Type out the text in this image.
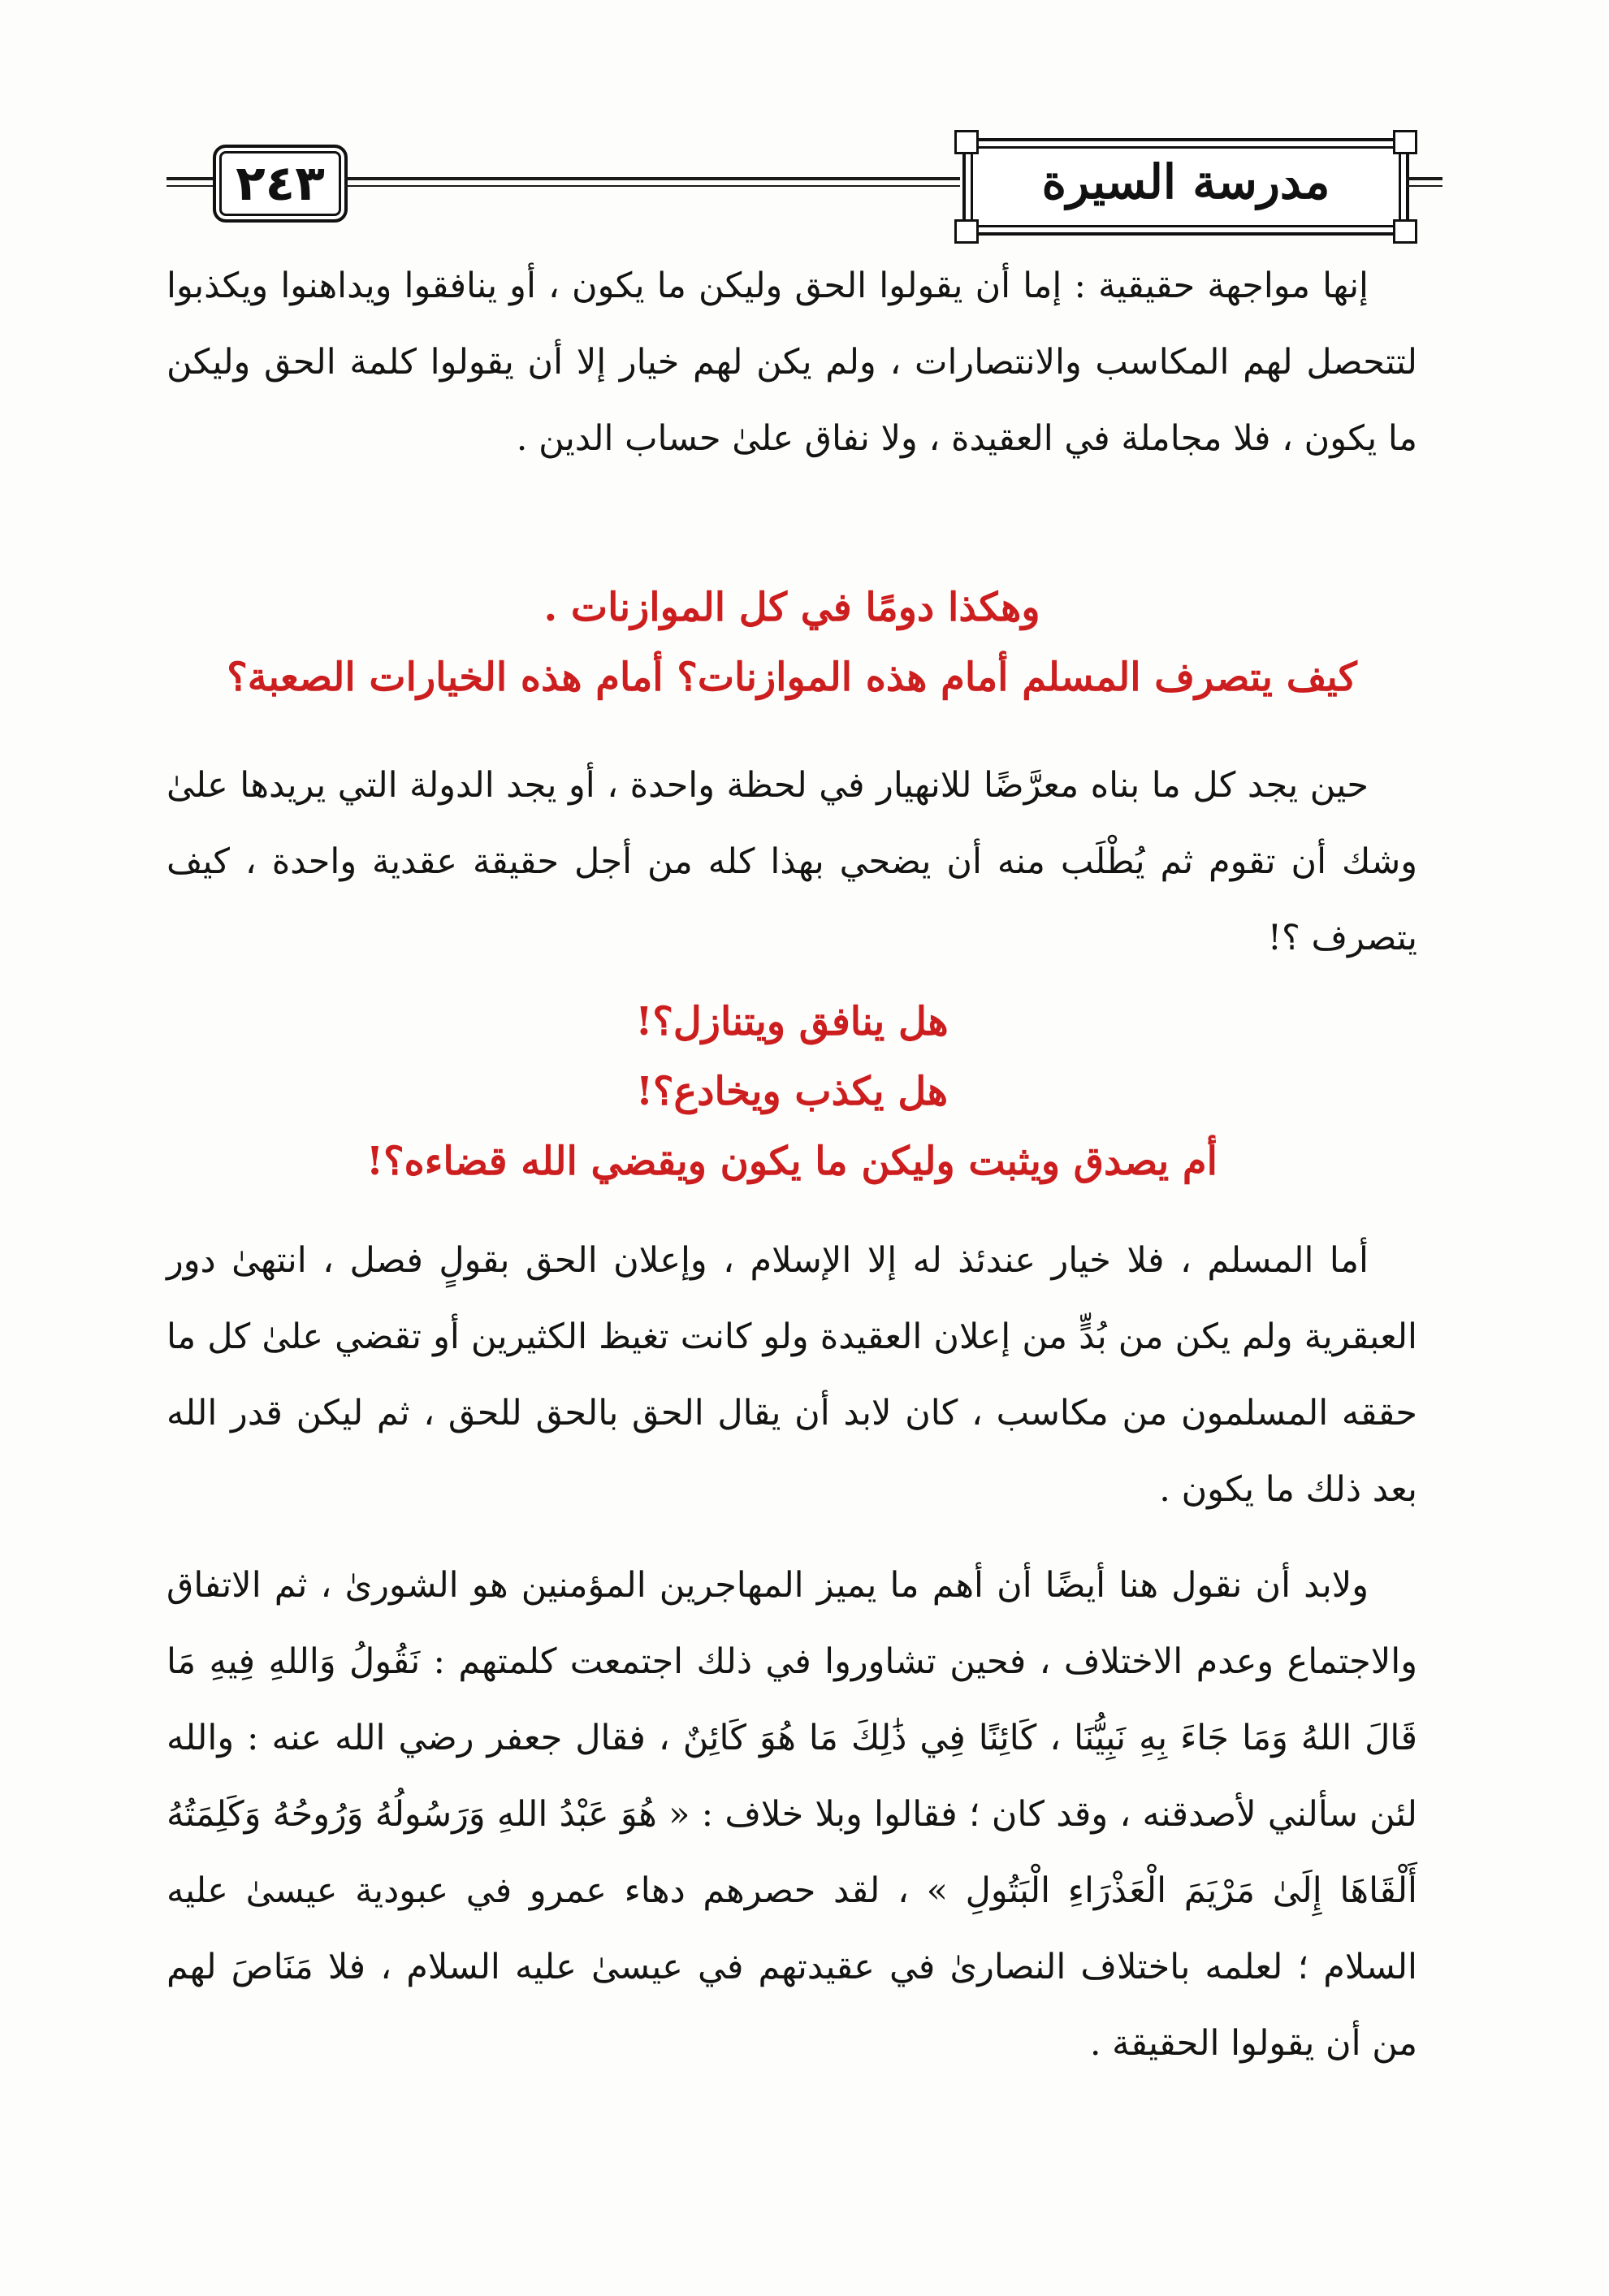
٢٤٣	مدرسة السيرة

إنها مواجهة حقيقية : إما أن يقولوا الحق وليكن ما يكون ، أو ينافقوا ويداهنوا ويكذبوا لتتحصل لهم المكاسب والانتصارات ، ولم يكن لهم خيار إلا أن يقولوا كلمة الحق وليكن ما يكون ، فلا مجاملة في العقيدة ، ولا نفاق علىٰ حساب الدين .

وهكذا دومًا في كل الموازنات .

كيف يتصرف المسلم أمام هذه الموازنات؟ أمام هذه الخيارات الصعبة؟

حين يجد كل ما بناه معرَّضًا للانهيار في لحظة واحدة ، أو يجد الدولة التي يريدها علىٰ وشك أن تقوم ثم يُطْلَب منه أن يضحي بهذا كله من أجل حقيقة عقدية واحدة ، كيف يتصرف ؟!

هل ينافق ويتنازل؟!

هل يكذب ويخادع؟!

أم يصدق ويثبت وليكن ما يكون ويقضي الله قضاءه؟!

أما المسلم ، فلا خيار عندئذ له إلا الإسلام ، وإعلان الحق بقولٍ فصل ، انتهىٰ دور العبقرية ولم يكن من بُدٍّ من إعلان العقيدة ولو كانت تغيظ الكثيرين أو تقضي علىٰ كل ما حققه المسلمون من مكاسب ، كان لابد أن يقال الحق بالحق للحق ، ثم ليكن قدر الله بعد ذلك ما يكون .

ولابد أن نقول هنا أيضًا أن أهم ما يميز المهاجرين المؤمنين هو الشورىٰ ، ثم الاتفاق والاجتماع وعدم الاختلاف ، فحين تشاوروا في ذلك اجتمعت كلمتهم : نَقُولُ وَاللهِ فِيهِ مَا قَالَ اللهُ وَمَا جَاءَ بِهِ نَبِيُّنَا ، كَائِنًا فِي ذَٰلِكَ مَا هُوَ كَائِنٌ ، فقال جعفر رضي الله عنه : والله لئن سألني لأصدقنه ، وقد كان ؛ فقالوا وبلا خلاف : « هُوَ عَبْدُ اللهِ وَرَسُولُهُ وَرُوحُهُ وَكَلِمَتُهُ أَلْقَاهَا إِلَىٰ مَرْيَمَ الْعَذْرَاءِ الْبَتُولِ » ، لقد حصرهم دهاء عمرو في عبودية عيسىٰ عليه السلام ؛ لعلمه باختلاف النصارىٰ في عقيدتهم في عيسىٰ عليه السلام ، فلا مَنَاصَ لهم من أن يقولوا الحقيقة .
